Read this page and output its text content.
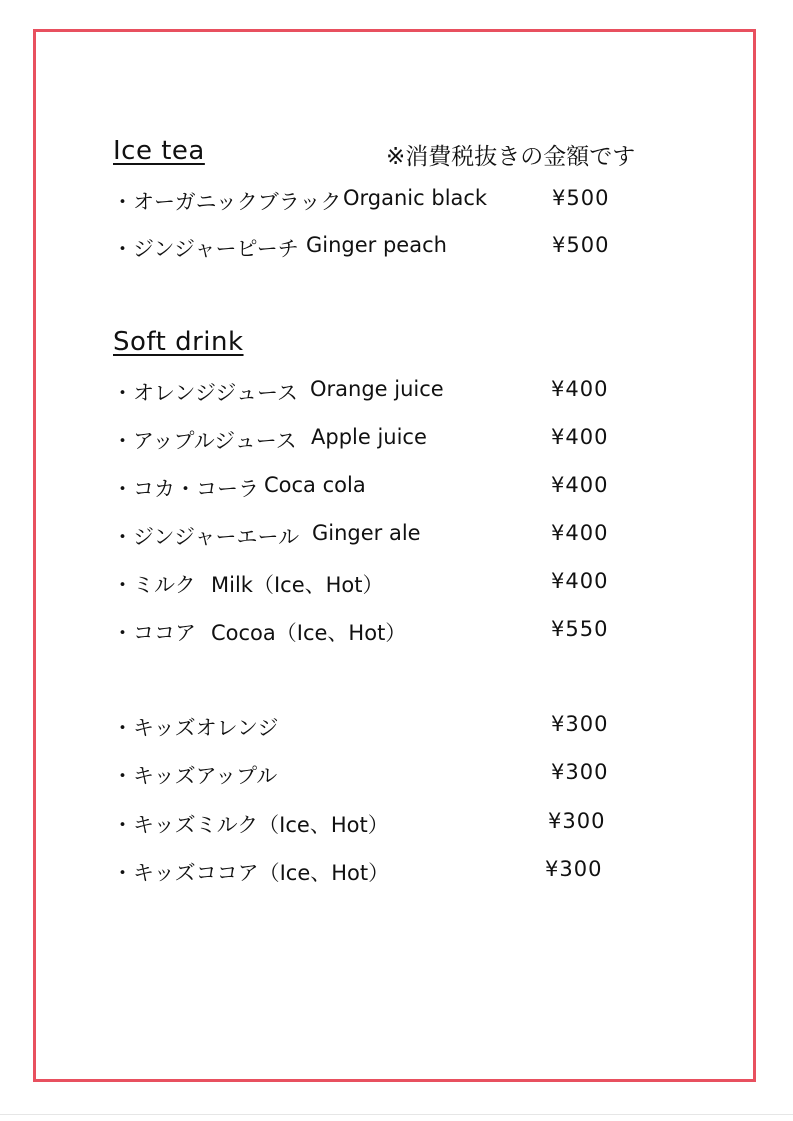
Ice tea	※消費税抜きの金額です
・オーガニックブラック Organic black	¥500
・ジンジャーピーチ Ginger peach	¥500
Soft drink
・オレンジジュース Orange juice	¥400
・アップルジュース Apple juice	¥400
・コカ・コーラ Coca cola	¥400
・ジンジャーエール Ginger ale	¥400
・ミルク Milk（Ice、Hot）	¥400
・ココア Cocoa（Ice、Hot）	¥550
・キッズオレンジ	¥300
・キッズアップル	¥300
・キッズミルク（Ice、Hot）	¥300
・キッズココア（Ice、Hot）	¥300
